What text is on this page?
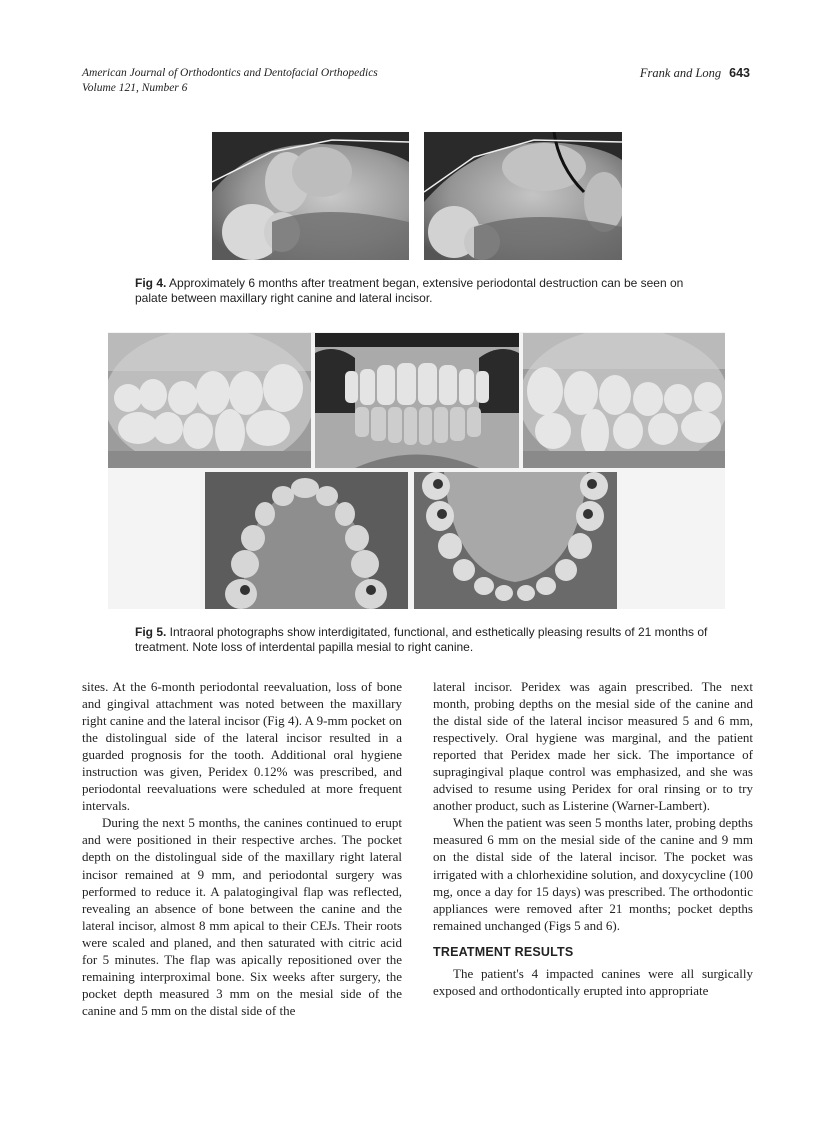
American Journal of Orthodontics and Dentofacial Orthopedics
Volume 121, Number 6
Frank and Long 643
Fig 4. Approximately 6 months after treatment began, extensive periodontal destruction can be seen on palate between maxillary right canine and lateral incisor.
Fig 5. Intraoral photographs show interdigitated, functional, and esthetically pleasing results of 21 months of treatment. Note loss of interdental papilla mesial to right canine.

sites. At the 6-month periodontal reevaluation, loss of bone and gingival attachment was noted between the maxillary right canine and the lateral incisor (Fig 4). A 9-mm pocket on the distolingual side of the lateral incisor resulted in a guarded prognosis for the tooth. Additional oral hygiene instruction was given, Peridex 0.12% was prescribed, and periodontal reevaluations were scheduled at more frequent intervals.

During the next 5 months, the canines continued to erupt and were positioned in their respective arches. The pocket depth on the distolingual side of the maxillary right lateral incisor remained at 9 mm, and periodontal surgery was performed to reduce it. A palatogingival flap was reflected, revealing an absence of bone between the canine and the lateral incisor, almost 8 mm apical to their CEJs. Their roots were scaled and planed, and then saturated with citric acid for 5 minutes. The flap was apically repositioned over the remaining interproximal bone. Six weeks after surgery, the pocket depth measured 3 mm on the mesial side of the canine and 5 mm on the distal side of the

lateral incisor. Peridex was again prescribed. The next month, probing depths on the mesial side of the canine and the distal side of the lateral incisor measured 5 and 6 mm, respectively. Oral hygiene was marginal, and the patient reported that Peridex made her sick. The importance of supragingival plaque control was emphasized, and she was advised to resume using Peridex for oral rinsing or to try another product, such as Listerine (Warner-Lambert).

When the patient was seen 5 months later, probing depths measured 6 mm on the mesial side of the canine and 9 mm on the distal side of the lateral incisor. The pocket was irrigated with a chlorhexidine solution, and doxycycline (100 mg, once a day for 15 days) was prescribed. The orthodontic appliances were removed after 21 months; pocket depths remained unchanged (Figs 5 and 6).

TREATMENT RESULTS

The patient's 4 impacted canines were all surgically exposed and orthodontically erupted into appropriate
